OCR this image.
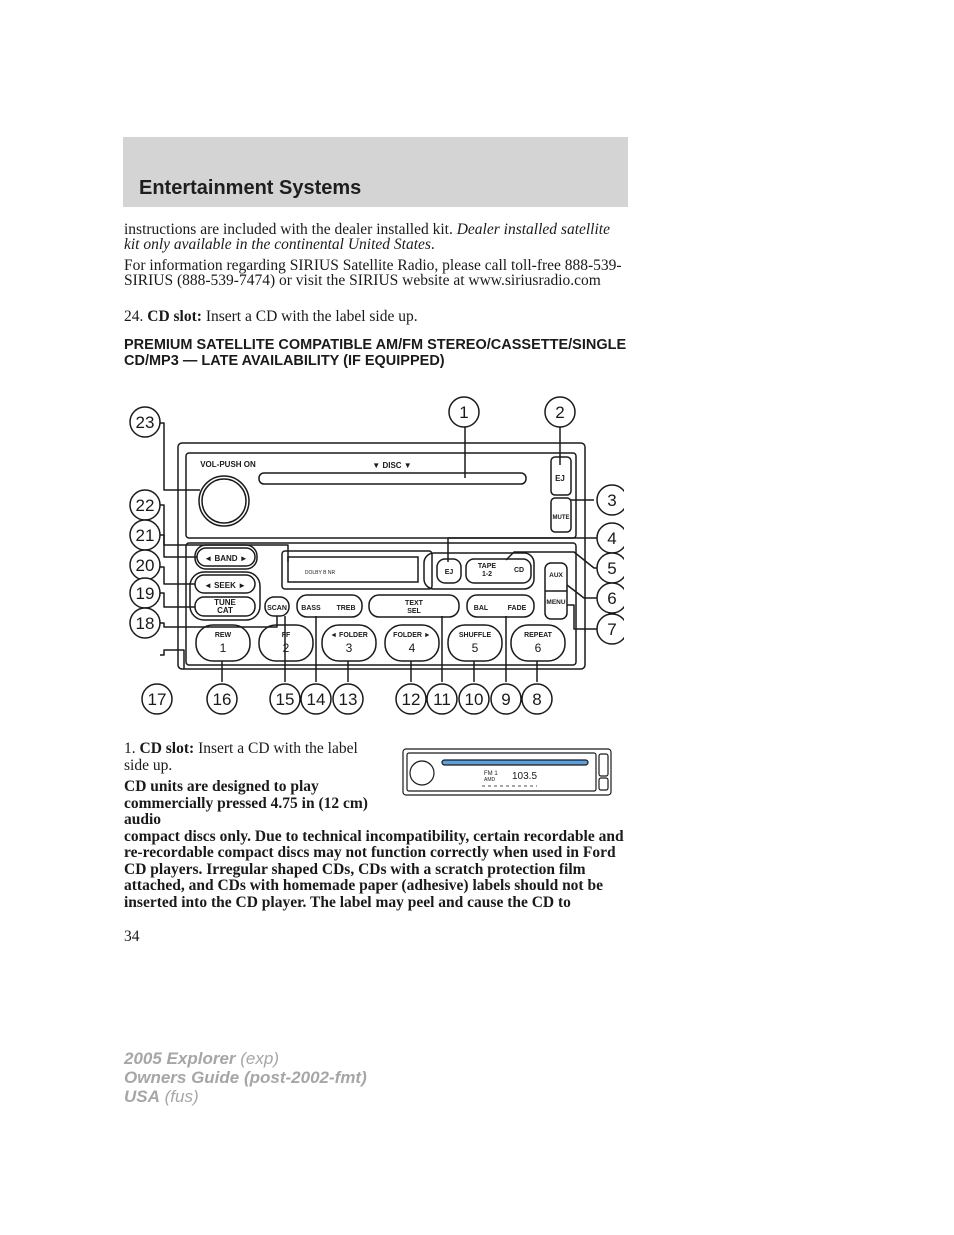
Entertainment Systems

instructions are included with the dealer installed kit. Dealer installed satellite kit only available in the continental United States.

For information regarding SIRIUS Satellite Radio, please call toll-free 888-539-SIRIUS (888-539-7474) or visit the SIRIUS website at www.siriusradio.com

24. CD slot: Insert a CD with the label side up.

PREMIUM SATELLITE COMPATIBLE AM/FM STEREO/CASSETTE/SINGLE CD/MP3 — LATE AVAILABILITY (IF EQUIPPED)

23
1	2
3
4
5
6
7
22
21
20
19
18
17	16	15 14 13	12 11 10 9 8
VOL-PUSH ON	▼ DISC ▼
EJ
MUTE
◄ BAND ►
◄ SEEK ►
TUNE
CAT	SCAN BASS TREB
TEXT
SEL	BAL	FADE
DOLBY B NR	EJ
TAPE
1-2
CD
AUX
MENU
REW
1
FF
2
◄ FOLDER
3
FOLDER ►
4
SHUFFLE
5
REPEAT
6

1. CD slot: Insert a CD with the label side up.	FM 1
AMD 103.5

CD units are designed to play commercially pressed 4.75 in (12 cm) audio
compact discs only. Due to technical incompatibility, certain recordable and re-recordable compact discs may not function correctly when used in Ford CD players. Irregular shaped CDs, CDs with a scratch protection film attached, and CDs with homemade paper (adhesive) labels should not be inserted into the CD player. The label may peel and cause the CD to

34
2005 Explorer (exp)
Owners Guide (post-2002-fmt)
USA (fus)
